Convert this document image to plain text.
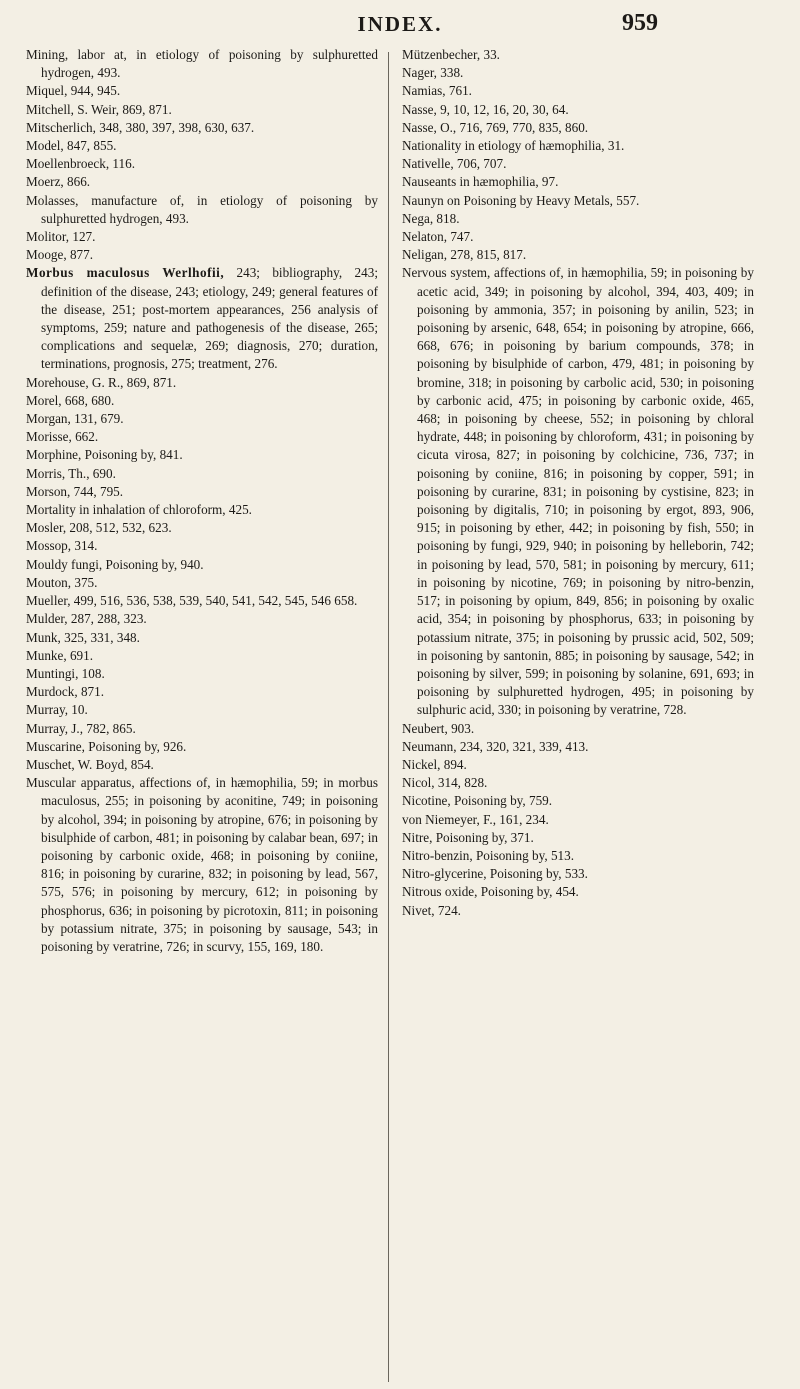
INDEX.	959

Mining, labor at, in etiology of poisoning by sulphuretted hydrogen, 493.

Miquel, 944, 945.

Mitchell, S. Weir, 869, 871.

Mitscherlich, 348, 380, 397, 398, 630, 637.

Model, 847, 855.

Moellenbroeck, 116.

Moerz, 866.

Molasses, manufacture of, in etiology of poisoning by sulphuretted hydrogen, 493.

Molitor, 127.

Mooge, 877.

Morbus maculosus Werlhofii, 243; bibliography, 243; definition of the disease, 243; etiology, 249; general features of the disease, 251; post-mortem appearances, 256 analysis of symptoms, 259; nature and pathogenesis of the disease, 265; complications and sequelæ, 269; diagnosis, 270; duration, terminations, prognosis, 275; treatment, 276.

Morehouse, G. R., 869, 871.

Morel, 668, 680.

Morgan, 131, 679.

Morisse, 662.

Morphine, Poisoning by, 841.

Morris, Th., 690.

Morson, 744, 795.

Mortality in inhalation of chloroform, 425.

Mosler, 208, 512, 532, 623.

Mossop, 314.

Mouldy fungi, Poisoning by, 940.

Mouton, 375.

Mueller, 499, 516, 536, 538, 539, 540, 541, 542, 545, 546 658.

Mulder, 287, 288, 323.

Munk, 325, 331, 348.

Munke, 691.

Muntingi, 108.

Murdock, 871.

Murray, 10.

Murray, J., 782, 865.

Muscarine, Poisoning by, 926.

Muschet, W. Boyd, 854.

Muscular apparatus, affections of, in hæmophilia, 59; in morbus maculosus, 255; in poisoning by aconitine, 749; in poisoning by alcohol, 394; in poisoning by atropine, 676; in poisoning by bisulphide of carbon, 481; in poisoning by calabar bean, 697; in poisoning by carbonic oxide, 468; in poisoning by coniine, 816; in poisoning by curarine, 832; in poisoning by lead, 567, 575, 576; in poisoning by mercury, 612; in poisoning by phosphorus, 636; in poisoning by picrotoxin, 811; in poisoning by potassium nitrate, 375; in poisoning by sausage, 543; in poisoning by veratrine, 726; in scurvy, 155, 169, 180.

Mützenbecher, 33.

Nager, 338.

Namias, 761.

Nasse, 9, 10, 12, 16, 20, 30, 64.

Nasse, O., 716, 769, 770, 835, 860.

Nationality in etiology of hæmophilia, 31.

Nativelle, 706, 707.

Nauseants in hæmophilia, 97.

Naunyn on Poisoning by Heavy Metals, 557.

Nega, 818.

Nelaton, 747.

Neligan, 278, 815, 817.

Nervous system, affections of, in hæmophilia, 59; in poisoning by acetic acid, 349; in poisoning by alcohol, 394, 403, 409; in poisoning by ammonia, 357; in poisoning by anilin, 523; in poisoning by arsenic, 648, 654; in poisoning by atropine, 666, 668, 676; in poisoning by barium compounds, 378; in poisoning by bisulphide of carbon, 479, 481; in poisoning by bromine, 318; in poisoning by carbolic acid, 530; in poisoning by carbonic acid, 475; in poisoning by carbonic oxide, 465, 468; in poisoning by cheese, 552; in poisoning by chloral hydrate, 448; in poisoning by chloroform, 431; in poisoning by cicuta virosa, 827; in poisoning by colchicine, 736, 737; in poisoning by coniine, 816; in poisoning by copper, 591; in poisoning by curarine, 831; in poisoning by cystisine, 823; in poisoning by digitalis, 710; in poisoning by ergot, 893, 906, 915; in poisoning by ether, 442; in poisoning by fish, 550; in poisoning by fungi, 929, 940; in poisoning by helleborin, 742; in poisoning by lead, 570, 581; in poisoning by mercury, 611; in poisoning by nicotine, 769; in poisoning by nitro-benzin, 517; in poisoning by opium, 849, 856; in poisoning by oxalic acid, 354; in poisoning by phosphorus, 633; in poisoning by potassium nitrate, 375; in poisoning by prussic acid, 502, 509; in poisoning by santonin, 885; in poisoning by sausage, 542; in poisoning by silver, 599; in poisoning by solanine, 691, 693; in poisoning by sulphuretted hydrogen, 495; in poisoning by sulphuric acid, 330; in poisoning by veratrine, 728.

Neubert, 903.

Neumann, 234, 320, 321, 339, 413.

Nickel, 894.

Nicol, 314, 828.

Nicotine, Poisoning by, 759.

von Niemeyer, F., 161, 234.

Nitre, Poisoning by, 371.

Nitro-benzin, Poisoning by, 513.

Nitro-glycerine, Poisoning by, 533.

Nitrous oxide, Poisoning by, 454.

Nivet, 724.
